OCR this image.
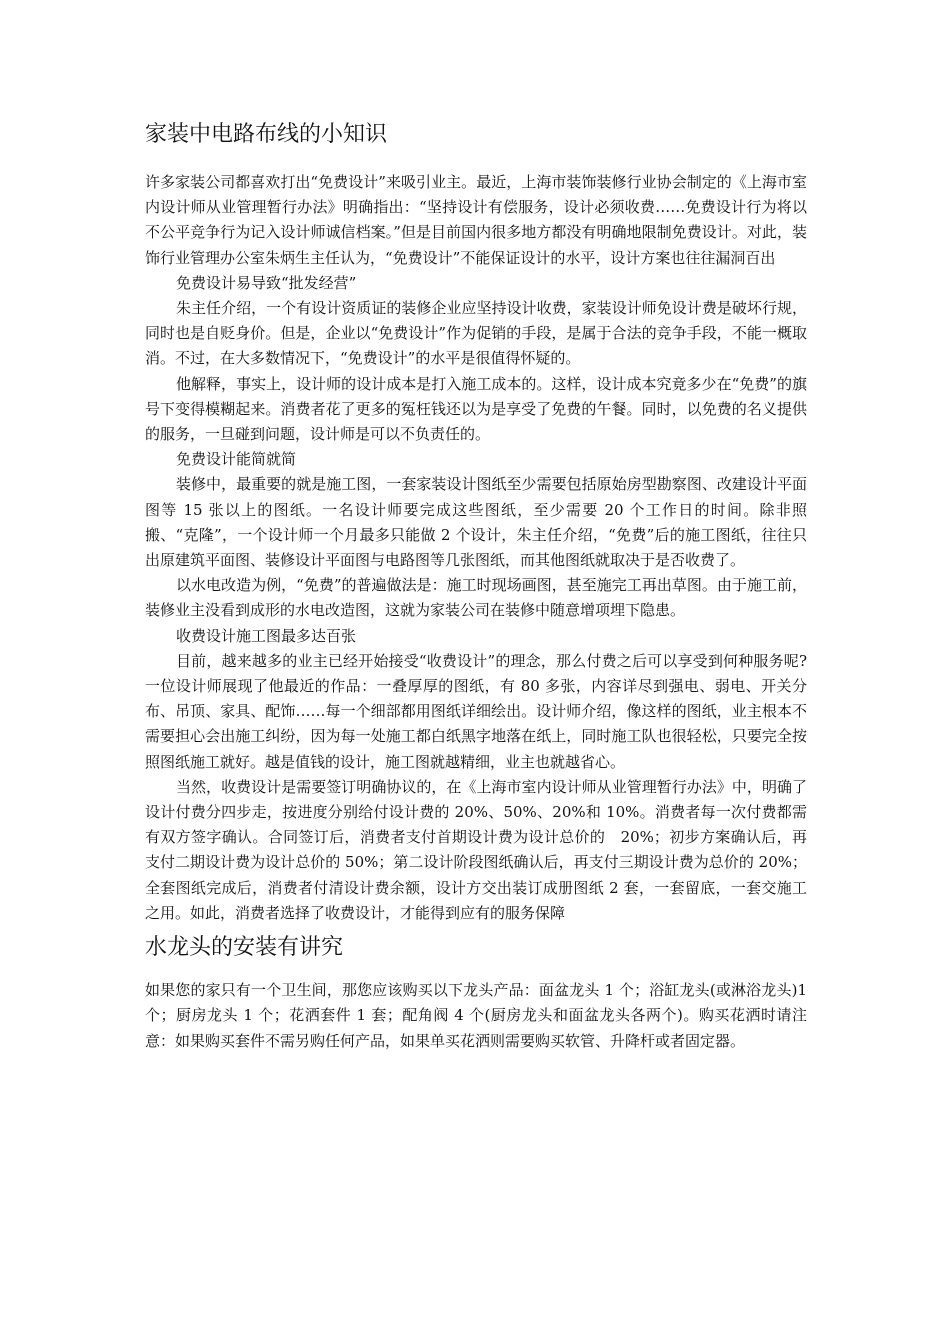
家装中电路布线的小知识

许多家装公司都喜欢打出“免费设计”来吸引业主。最近，上海市装饰装修行业协会制定的《上海市室内设计师从业管理暂行办法》明确指出：“坚持设计有偿服务，设计必须收费……免费设计行为将以不公平竞争行为记入设计师诚信档案。”但是目前国内很多地方都没有明确地限制免费设计。对此，装饰行业管理办公室朱炳生主任认为，“免费设计”不能保证设计的水平，设计方案也往往漏洞百出

免费设计易导致“批发经营”

朱主任介绍，一个有设计资质证的装修企业应坚持设计收费，家装设计师免设计费是破坏行规，同时也是自贬身价。但是，企业以“免费设计”作为促销的手段，是属于合法的竞争手段，不能一概取消。不过，在大多数情况下，“免费设计”的水平是很值得怀疑的。

他解释，事实上，设计师的设计成本是打入施工成本的。这样，设计成本究竟多少在“免费”的旗号下变得模糊起来。消费者花了更多的冤枉钱还以为是享受了免费的午餐。同时，以免费的名义提供的服务，一旦碰到问题，设计师是可以不负责任的。

免费设计能简就简

装修中，最重要的就是施工图，一套家装设计图纸至少需要包括原始房型勘察图、改建设计平面图等 15 张以上的图纸。一名设计师要完成这些图纸，至少需要 20 个工作日的时间。除非照搬、“克隆”，一个设计师一个月最多只能做 2 个设计，朱主任介绍，“免费”后的施工图纸，往往只出原建筑平面图、装修设计平面图与电路图等几张图纸，而其他图纸就取决于是否收费了。

以水电改造为例，“免费”的普遍做法是：施工时现场画图，甚至施完工再出草图。由于施工前，装修业主没看到成形的水电改造图，这就为家装公司在装修中随意增项埋下隐患。

收费设计施工图最多达百张

目前，越来越多的业主已经开始接受“收费设计”的理念，那么付费之后可以享受到何种服务呢?一位设计师展现了他最近的作品：一叠厚厚的图纸，有 80 多张，内容详尽到强电、弱电、开关分布、吊顶、家具、配饰……每一个细部都用图纸详细绘出。设计师介绍，像这样的图纸，业主根本不需要担心会出施工纠纷，因为每一处施工都白纸黑字地落在纸上，同时施工队也很轻松，只要完全按照图纸施工就好。越是值钱的设计，施工图就越精细，业主也就越省心。

当然，收费设计是需要签订明确协议的，在《上海市室内设计师从业管理暂行办法》中，明确了设计付费分四步走，按进度分别给付设计费的 20%、50%、20%和 10%。消费者每一次付费都需有双方签字确认。合同签订后，消费者支付首期设计费为设计总价的　20%；初步方案确认后，再支付二期设计费为设计总价的 50%；第二设计阶段图纸确认后，再支付三期设计费为总价的 20%；全套图纸完成后，消费者付清设计费余额，设计方交出装订成册图纸 2 套，一套留底，一套交施工之用。如此，消费者选择了收费设计，才能得到应有的服务保障

水龙头的安装有讲究

如果您的家只有一个卫生间，那您应该购买以下龙头产品：面盆龙头 1 个；浴缸龙头(或淋浴龙头)1 个；厨房龙头 1 个；花洒套件 1 套；配角阀 4 个(厨房龙头和面盆龙头各两个)。购买花洒时请注意：如果购买套件不需另购任何产品，如果单买花洒则需要购买软管、升降杆或者固定器。
